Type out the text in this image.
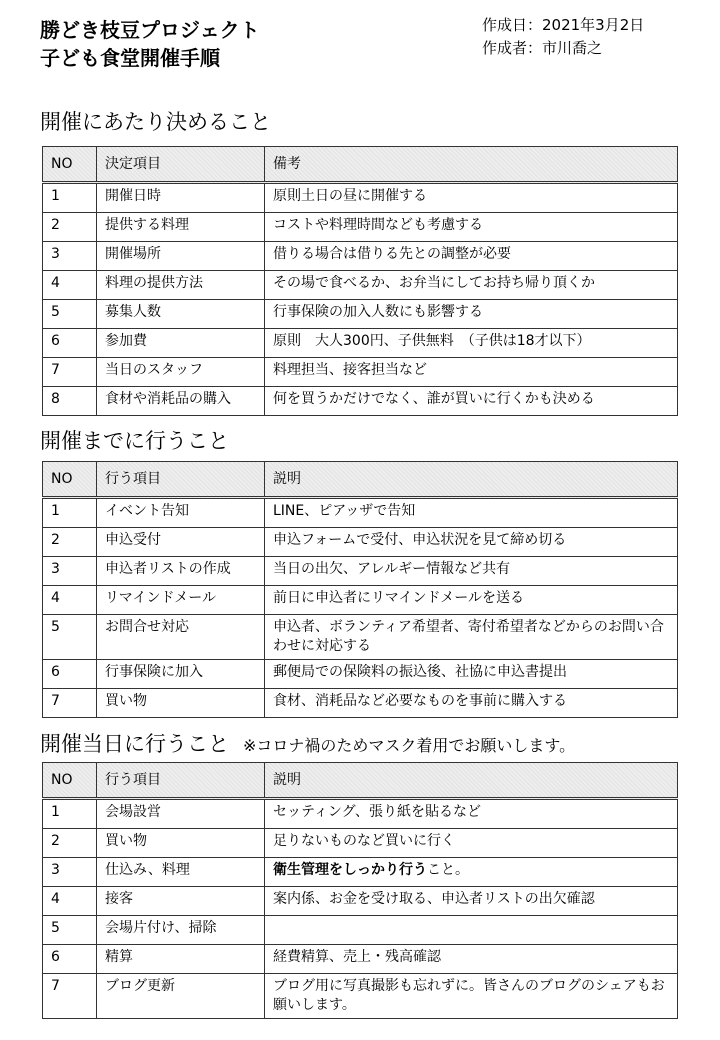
勝どき枝豆プロジェクト
子ども食堂開催手順
作成日：2021年3月2日
作成者：市川喬之
開催にあたり決めること
NO	決定項目	備考
1	開催日時	原則土日の昼に開催する
2	提供する料理	コストや料理時間なども考慮する
3	開催場所	借りる場合は借りる先との調整が必要
4	料理の提供方法	その場で食べるか、お弁当にしてお持ち帰り頂くか
5	募集人数	行事保険の加入人数にも影響する
6	参加費	原則　大人300円、子供無料　（子供は18才以下）
7	当日のスタッフ	料理担当、接客担当など
8	食材や消耗品の購入	何を買うかだけでなく、誰が買いに行くかも決める
開催までに行うこと
NO	行う項目	説明
1	イベント告知	LINE、ピアッザで告知
2	申込受付	申込フォームで受付、申込状況を見て締め切る
3	申込者リストの作成	当日の出欠、アレルギー情報など共有
4	リマインドメール	前日に申込者にリマインドメールを送る
5	お問合せ対応	申込者、ボランティア希望者、寄付希望者などからのお問い合わせに対応する
6	行事保険に加入	郵便局での保険料の振込後、社協に申込書提出
7	買い物	食材、消耗品など必要なものを事前に購入する
開催当日に行うこと ※コロナ禍のためマスク着用でお願いします。
NO	行う項目	説明
1	会場設営	セッティング、張り紙を貼るなど
2	買い物	足りないものなど買いに行く
3	仕込み、料理	衛生管理をしっかり行うこと。
4	接客	案内係、お金を受け取る、申込者リストの出欠確認
5	会場片付け、掃除	
6	精算	経費精算、売上・残高確認
7	ブログ更新	ブログ用に写真撮影も忘れずに。皆さんのブログのシェアもお願いします。
